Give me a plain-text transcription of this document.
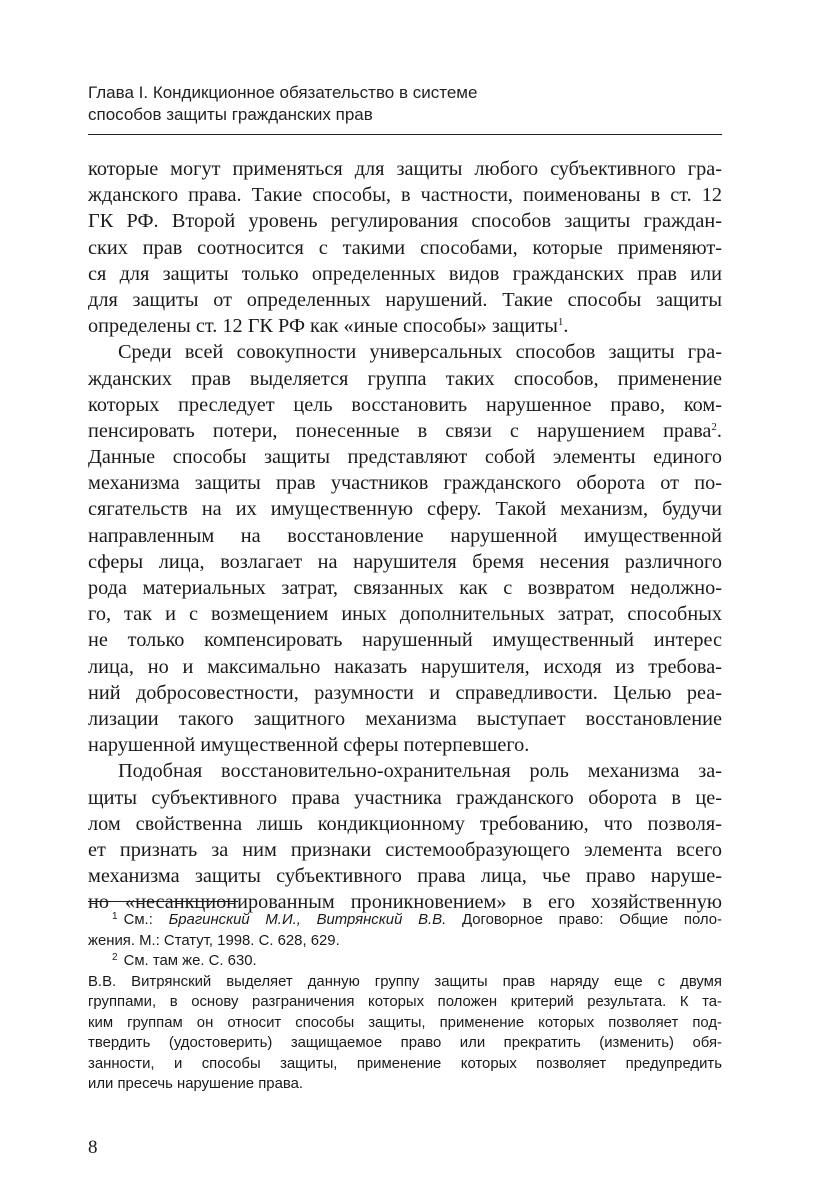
Глава I. Кондикционное обязательство в системе
способов защиты гражданских прав
которые могут применяться для защиты любого субъективного гра-
жданского права. Такие способы, в частности, поименованы в ст. 12
ГК РФ. Второй уровень регулирования способов защиты граждан-
ских прав соотносится с такими способами, которые применяют-
ся для защиты только определенных видов гражданских прав или
для защиты от определенных нарушений. Такие способы защиты
определены ст. 12 ГК РФ как «иные способы» защиты$^1$.
Среди всей совокупности универсальных способов защиты гра-
жданских прав выделяется группа таких способов, применение
которых преследует цель восстановить нарушенное право, ком-
пенсировать потери, понесенные в связи с нарушением права$^2$.
Данные способы защиты представляют собой элементы единого
механизма защиты прав участников гражданского оборота от по-
сягательств на их имущественную сферу. Такой механизм, будучи
направленным на восстановление нарушенной имущественной
сферы лица, возлагает на нарушителя бремя несения различного
рода материальных затрат, связанных как с возвратом недолжно-
го, так и с возмещением иных дополнительных затрат, способных
не только компенсировать нарушенный имущественный интерес
лица, но и максимально наказать нарушителя, исходя из требова-
ний добросовестности, разумности и справедливости. Целью реа-
лизации такого защитного механизма выступает восстановление
нарушенной имущественной сферы потерпевшего.
Подобная восстановительно-охранительная роль механизма за-
щиты субъективного права участника гражданского оборота в це-
лом свойственна лишь кондикционному требованию, что позволя-
ет признать за ним признаки системообразующего элемента всего
механизма защиты субъективного права лица, чье право наруше-
но «несанкционированным проникновением» в его хозяйственную
$^1$ См.: Брагинский М.И., Витрянский В.В. Договорное право: Общие поло-
жения. М.: Статут, 1998. С. 628, 629.
$^2$ См. там же. С. 630.
В.В. Витрянский выделяет данную группу защиты прав наряду еще с двумя
группами, в основу разграничения которых положен критерий результата. К та-
ким группам он относит способы защиты, применение которых позволяет под-
твердить (удостоверить) защищаемое право или прекратить (изменить) обя-
занности, и способы защиты, применение которых позволяет предупредить
или пресечь нарушение права.
8
